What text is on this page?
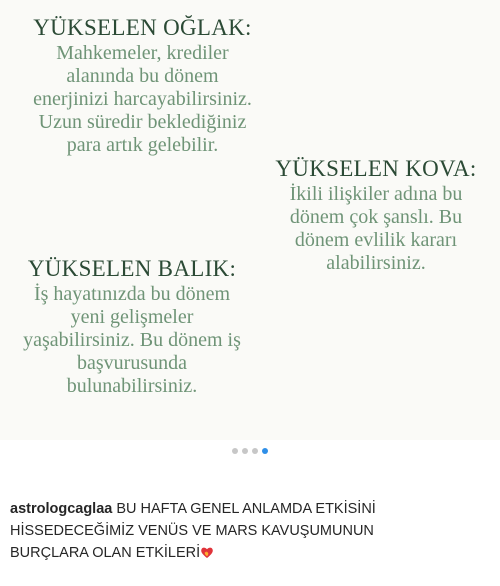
YÜKSELEN OĞLAK:
Mahkemeler, krediler
alanında bu dönem
enerjinizi harcayabilirsiniz.
Uzun süredir beklediğiniz
para artık gelebilir.
YÜKSELEN KOVA:
İkili ilişkiler adına bu
dönem çok şanslı. Bu
dönem evlilik kararı
alabilirsiniz.
YÜKSELEN BALIK:
İş hayatınızda bu dönem
yeni gelişmeler
yaşabilirsiniz. Bu dönem iş
başvurusunda
bulunabilirsiniz.
astrologcaglaa BU HAFTA GENEL ANLAMDA ETKİSİNİ
HİSSEDECEĞİMİZ VENÜS VE MARS KAVUŞUMUNUN
BURÇLARA OLAN ETKİLERİ
